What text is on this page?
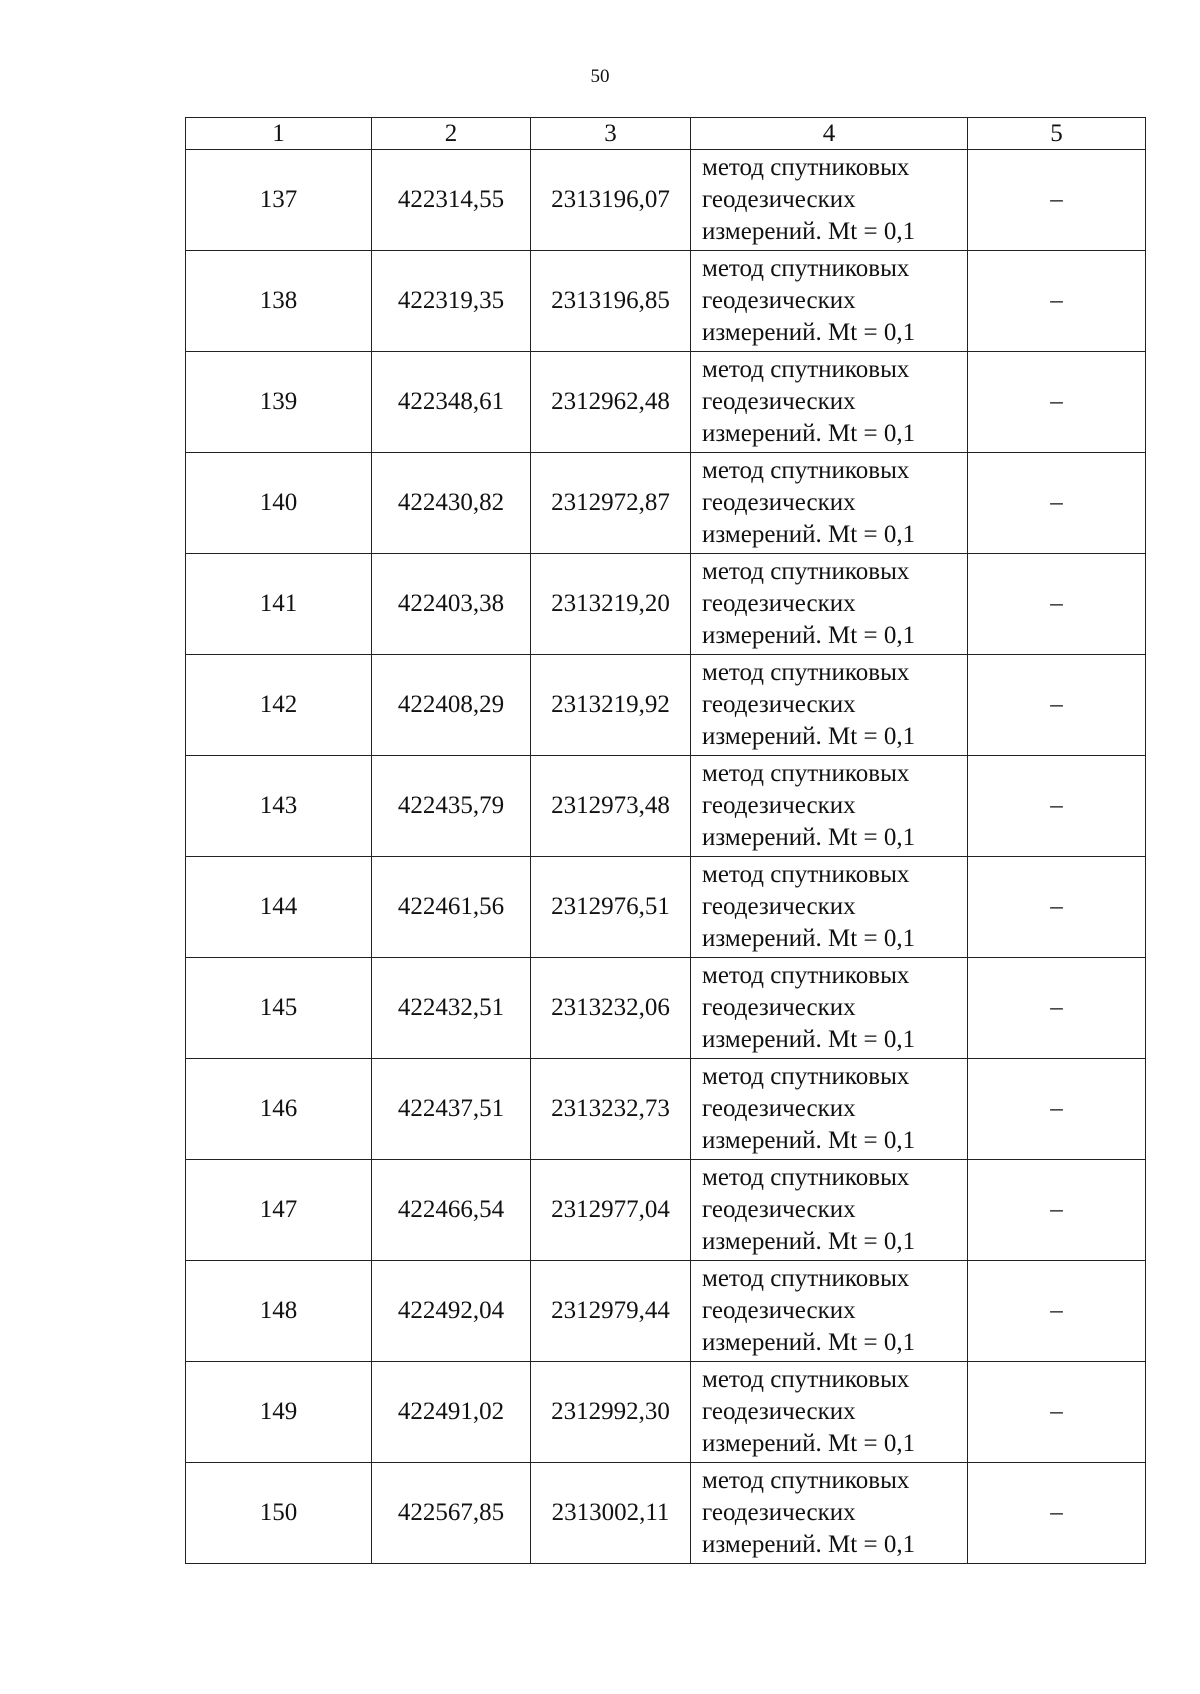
50
1	2	3	4	5
137	422314,55	2313196,07	метод спутниковых
геодезических
измерений. Mt = 0,1	–
138	422319,35	2313196,85	метод спутниковых
геодезических
измерений. Mt = 0,1	–
139	422348,61	2312962,48	метод спутниковых
геодезических
измерений. Mt = 0,1	–
140	422430,82	2312972,87	метод спутниковых
геодезических
измерений. Mt = 0,1	–
141	422403,38	2313219,20	метод спутниковых
геодезических
измерений. Mt = 0,1	–
142	422408,29	2313219,92	метод спутниковых
геодезических
измерений. Mt = 0,1	–
143	422435,79	2312973,48	метод спутниковых
геодезических
измерений. Mt = 0,1	–
144	422461,56	2312976,51	метод спутниковых
геодезических
измерений. Mt = 0,1	–
145	422432,51	2313232,06	метод спутниковых
геодезических
измерений. Mt = 0,1	–
146	422437,51	2313232,73	метод спутниковых
геодезических
измерений. Mt = 0,1	–
147	422466,54	2312977,04	метод спутниковых
геодезических
измерений. Mt = 0,1	–
148	422492,04	2312979,44	метод спутниковых
геодезических
измерений. Mt = 0,1	–
149	422491,02	2312992,30	метод спутниковых
геодезических
измерений. Mt = 0,1	–
150	422567,85	2313002,11	метод спутниковых
геодезических
измерений. Mt = 0,1	–
